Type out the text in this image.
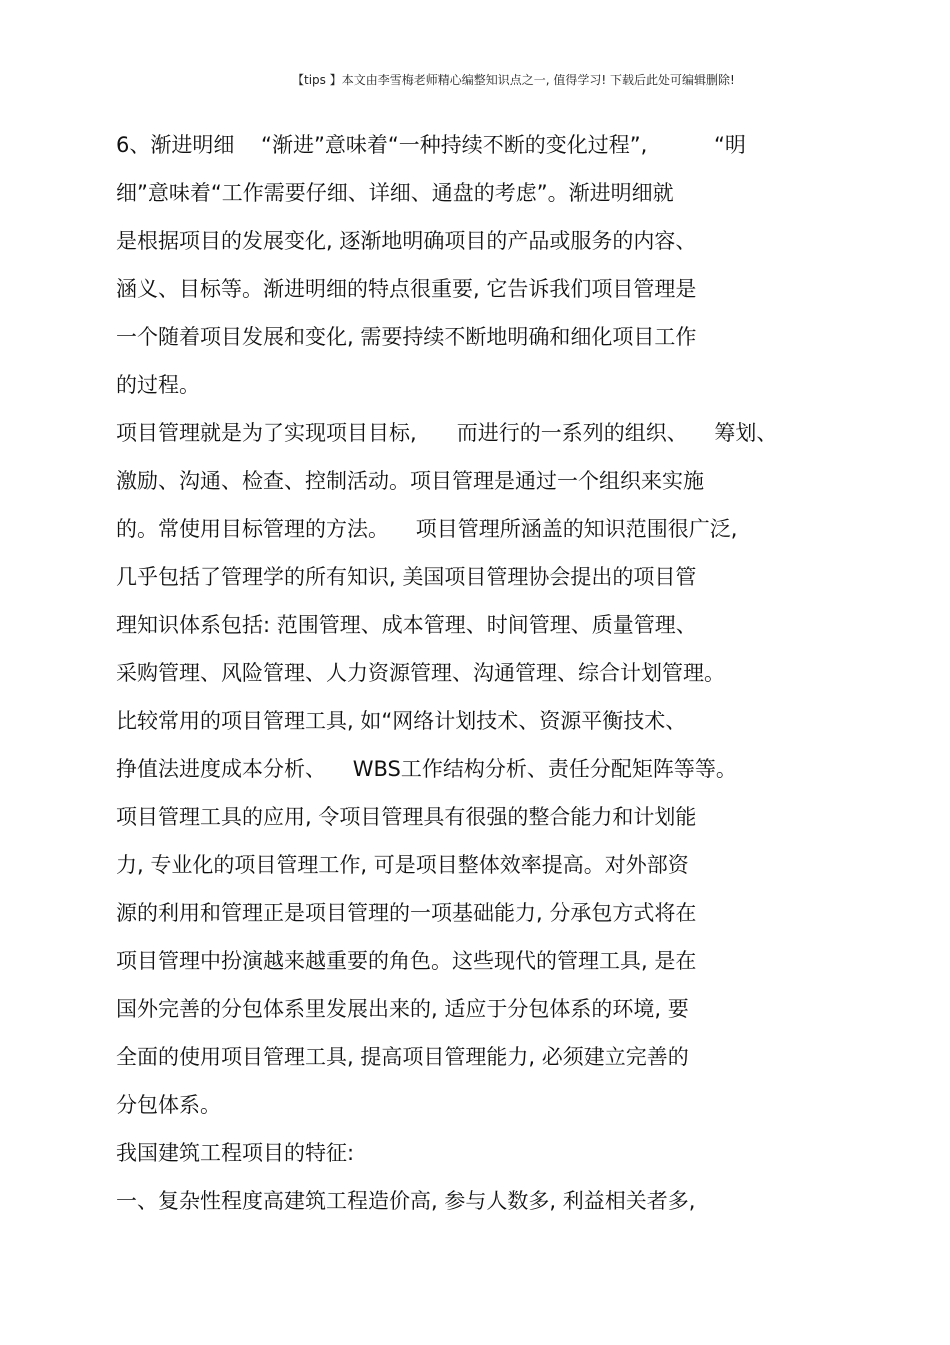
【tips 】本文由李雪梅老师精心编整知识点之一, 值得学习! 下载后此处可编辑删除!
6、渐进明细    “渐进”意味着“一种持续不断的变化过程”,          “明
细”意味着“工作需要仔细、详细、通盘的考虑”。渐进明细就
是根据项目的发展变化, 逐渐地明确项目的产品或服务的内容、
涵义、目标等。渐进明细的特点很重要, 它告诉我们项目管理是
一个随着项目发展和变化, 需要持续不断地明确和细化项目工作
的过程。
项目管理就是为了实现项目目标,      而进行的一系列的组织、    筹划、
激励、沟通、检查、控制活动。项目管理是通过一个组织来实施
的。常使用目标管理的方法。    项目管理所涵盖的知识范围很广泛,
几乎包括了管理学的所有知识, 美国项目管理协会提出的项目管
理知识体系包括: 范围管理、成本管理、时间管理、质量管理、
采购管理、风险管理、人力资源管理、沟通管理、综合计划管理。
比较常用的项目管理工具, 如“网络计划技术、资源平衡技术、
挣值法进度成本分析、    WBS工作结构分析、责任分配矩阵等等。
项目管理工具的应用, 令项目管理具有很强的整合能力和计划能
力, 专业化的项目管理工作, 可是项目整体效率提高。对外部资
源的利用和管理正是项目管理的一项基础能力, 分承包方式将在
项目管理中扮演越来越重要的角色。这些现代的管理工具, 是在
国外完善的分包体系里发展出来的, 适应于分包体系的环境, 要
全面的使用项目管理工具, 提高项目管理能力, 必须建立完善的
分包体系。
我国建筑工程项目的特征:
一、复杂性程度高建筑工程造价高, 参与人数多, 利益相关者多,
